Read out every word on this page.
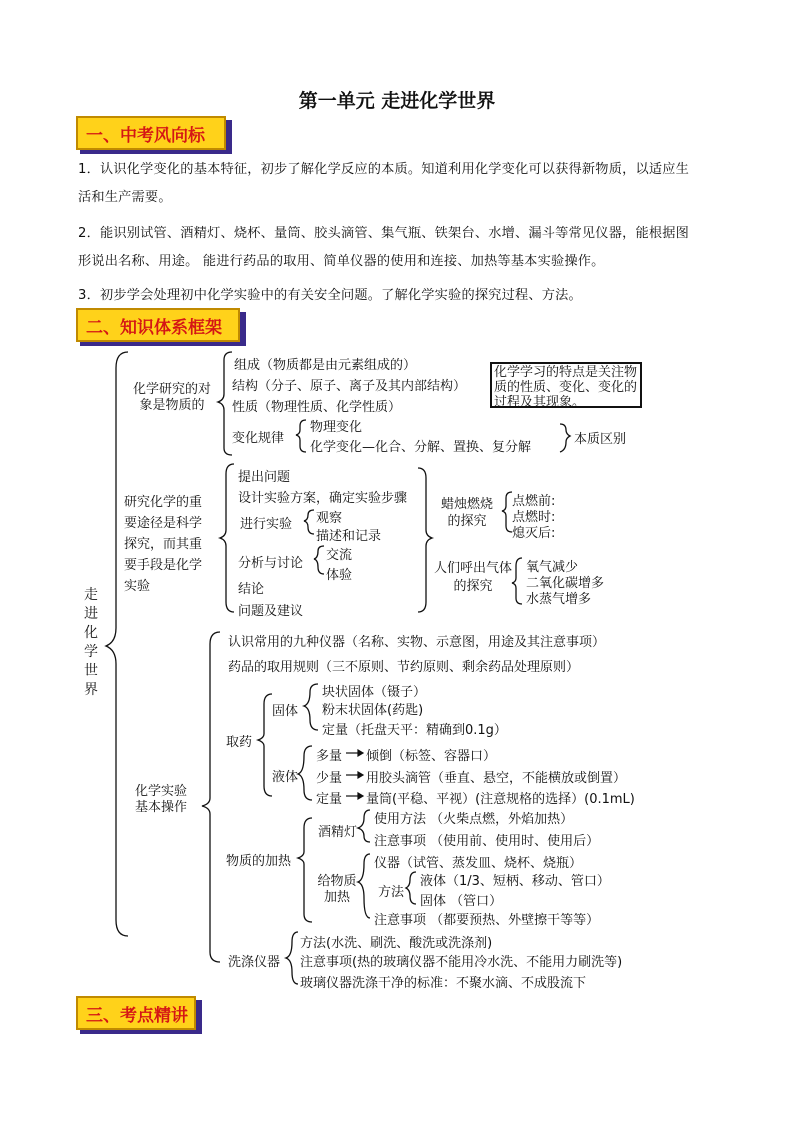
第一单元 走进化学世界
一、中考风向标
1．认识化学变化的基本特征，初步了解化学反应的本质。知道利用化学变化可以获得新物质，以适应生
活和生产需要。
2．能识别试管、酒精灯、烧杯、量筒、胶头滴管、集气瓶、铁架台、水增、漏斗等常见仪器，能根据图
形说出名称、用途。 能进行药品的取用、简单仪器的使用和连接、加热等基本实验操作。
3．初步学会处理初中化学实验中的有关安全问题。了解化学实验的探究过程、方法。
二、知识体系框架
走进化学世界
化学研究的对象是物质的
组成（物质都是由元素组成的）
结构（分子、原子、离子及其内部结构）
性质（物理性质、化学性质）
变化规律
物理变化
化学变化—化合、分解、置换、复分解
本质区别
化学学习的特点是关注物质的性质、变化、变化的过程及其现象。
研究化学的重要途径是科学探究，而其重要手段是化学实验
提出问题
设计实验方案，确定实验步骤
进行实验 观察
描述和记录
分析与讨论
交流
体验
结论
问题及建议
蜡烛燃烧的探究
点燃前:
点燃时:
熄灭后:
人们呼出气体的探究
氧气减少
二氧化碳增多
水蒸气增多
化学实验基本操作
认识常用的九种仪器（名称、实物、示意图，用途及其注意事项）
药品的取用规则（三不原则、节约原则、剩余药品处理原则）
取药
固体
块状固体（镊子）
粉末状固体(药匙)
定量（托盘天平：精确到0.1g）
液体
多量 倾倒（标签、容器口）
少量 用胶头滴管（垂直、悬空，不能横放或倒置）
定量 量筒(平稳、平视）(注意规格的选择）(0.1mL)
物质的加热
酒精灯
使用方法 （火柴点燃，外焰加热）
注意事项 （使用前、使用时、使用后）
给物质加热
仪器（试管、蒸发皿、烧杯、烧瓶）
方法
液体（1/3、短柄、移动、管口）
固体 （管口）
注意事项 （都要预热、外壁擦干等等）
洗涤仪器
方法(水洗、刷洗、酸洗或洗涤剂)
注意事项(热的玻璃仪器不能用冷水洗、不能用力刷洗等)
玻璃仪器洗涤干净的标准：不聚水滴、不成股流下
三、考点精讲
